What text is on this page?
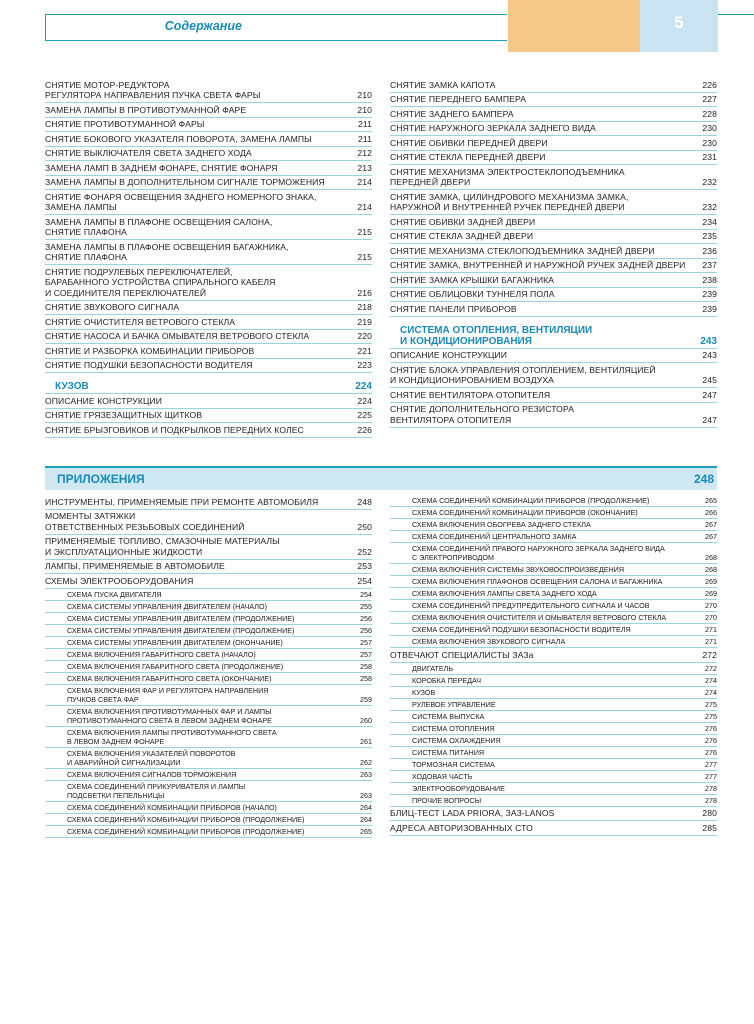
Содержание	5
СНЯТИЕ МОТОР-РЕДУКТОРА
РЕГУЛЯТОРА НАПРАВЛЕНИЯ ПУЧКА СВЕТА ФАРЫ	210
ЗАМЕНА ЛАМПЫ В ПРОТИВОТУМАННОЙ ФАРЕ	210
СНЯТИЕ ПРОТИВОТУМАННОЙ ФАРЫ	211
СНЯТИЕ БОКОВОГО УКАЗАТЕЛЯ ПОВОРОТА, ЗАМЕНА ЛАМПЫ	211
СНЯТИЕ ВЫКЛЮЧАТЕЛЯ СВЕТА ЗАДНЕГО ХОДА	212
ЗАМЕНА ЛАМП В ЗАДНЕМ ФОНАРЕ, СНЯТИЕ ФОНАРЯ	213
ЗАМЕНА ЛАМПЫ В ДОПОЛНИТЕЛЬНОМ СИГНАЛЕ ТОРМОЖЕНИЯ	214
СНЯТИЕ ФОНАРЯ ОСВЕЩЕНИЯ ЗАДНЕГО НОМЕРНОГО ЗНАКА,
ЗАМЕНА ЛАМПЫ	214
ЗАМЕНА ЛАМПЫ В ПЛАФОНЕ ОСВЕЩЕНИЯ САЛОНА,
СНЯТИЕ ПЛАФОНА	215
ЗАМЕНА ЛАМПЫ В ПЛАФОНЕ ОСВЕЩЕНИЯ БАГАЖНИКА,
СНЯТИЕ ПЛАФОНА	215
СНЯТИЕ ПОДРУЛЕВЫХ ПЕРЕКЛЮЧАТЕЛЕЙ,
БАРАБАННОГО УСТРОЙСТВА СПИРАЛЬНОГО КАБЕЛЯ
И СОЕДИНИТЕЛЯ ПЕРЕКЛЮЧАТЕЛЕЙ	216
СНЯТИЕ ЗВУКОВОГО СИГНАЛА	218
СНЯТИЕ ОЧИСТИТЕЛЯ ВЕТРОВОГО СТЕКЛА	219
СНЯТИЕ НАСОСА И БАЧКА ОМЫВАТЕЛЯ ВЕТРОВОГО СТЕКЛА	220
СНЯТИЕ И РАЗБОРКА КОМБИНАЦИИ ПРИБОРОВ	221
СНЯТИЕ ПОДУШКИ БЕЗОПАСНОСТИ ВОДИТЕЛЯ	223
КУЗОВ	224
ОПИСАНИЕ КОНСТРУКЦИИ	224
СНЯТИЕ ГРЯЗЕЗАЩИТНЫХ ЩИТКОВ	225
СНЯТИЕ БРЫЗГОВИКОВ И ПОДКРЫЛКОВ ПЕРЕДНИХ КОЛЕС	226
СНЯТИЕ ЗАМКА КАПОТА	226
СНЯТИЕ ПЕРЕДНЕГО БАМПЕРА	227
СНЯТИЕ ЗАДНЕГО БАМПЕРА	228
СНЯТИЕ НАРУЖНОГО ЗЕРКАЛА ЗАДНЕГО ВИДА	230
СНЯТИЕ ОБИВКИ ПЕРЕДНЕЙ ДВЕРИ	230
СНЯТИЕ СТЕКЛА ПЕРЕДНЕЙ ДВЕРИ	231
СНЯТИЕ МЕХАНИЗМА ЭЛЕКТРОСТЕКЛОПОДЪЕМНИКА
ПЕРЕДНЕЙ ДВЕРИ	232
СНЯТИЕ ЗАМКА, ЦИЛИНДРОВОГО МЕХАНИЗМА ЗАМКА,
НАРУЖНОЙ И ВНУТРЕННЕЙ РУЧЕК ПЕРЕДНЕЙ ДВЕРИ	232
СНЯТИЕ ОБИВКИ ЗАДНЕЙ ДВЕРИ	234
СНЯТИЕ СТЕКЛА ЗАДНЕЙ ДВЕРИ	235
СНЯТИЕ МЕХАНИЗМА СТЕКЛОПОДЪЕМНИКА ЗАДНЕЙ ДВЕРИ	236
СНЯТИЕ ЗАМКА, ВНУТРЕННЕЙ И НАРУЖНОЙ РУЧЕК ЗАДНЕЙ ДВЕРИ	237
СНЯТИЕ ЗАМКА КРЫШКИ БАГАЖНИКА	238
СНЯТИЕ ОБЛИЦОВКИ ТУННЕЛЯ ПОЛА	239
СНЯТИЕ ПАНЕЛИ ПРИБОРОВ	239
СИСТЕМА ОТОПЛЕНИЯ, ВЕНТИЛЯЦИИ
И КОНДИЦИОНИРОВАНИЯ	243
ОПИСАНИЕ КОНСТРУКЦИИ	243
СНЯТИЕ БЛОКА УПРАВЛЕНИЯ ОТОПЛЕНИЕМ, ВЕНТИЛЯЦИЕЙ
И КОНДИЦИОНИРОВАНИЕМ ВОЗДУХА	245
СНЯТИЕ ВЕНТИЛЯТОРА ОТОПИТЕЛЯ	247
СНЯТИЕ ДОПОЛНИТЕЛЬНОГО РЕЗИСТОРА
ВЕНТИЛЯТОРА ОТОПИТЕЛЯ	247
ПРИЛОЖЕНИЯ	248
ИНСТРУМЕНТЫ, ПРИМЕНЯЕМЫЕ ПРИ РЕМОНТЕ АВТОМОБИЛЯ	248
МОМЕНТЫ ЗАТЯЖКИ
ОТВЕТСТВЕННЫХ РЕЗЬБОВЫХ СОЕДИНЕНИЙ	250
ПРИМЕНЯЕМЫЕ ТОПЛИВО, СМАЗОЧНЫЕ МАТЕРИАЛЫ
И ЭКСПЛУАТАЦИОННЫЕ ЖИДКОСТИ	252
ЛАМПЫ, ПРИМЕНЯЕМЫЕ В АВТОМОБИЛЕ	253
СХЕМЫ ЭЛЕКТРООБОРУДОВАНИЯ	254
СХЕМА ПУСКА ДВИГАТЕЛЯ	254
СХЕМА СИСТЕМЫ УПРАВЛЕНИЯ ДВИГАТЕЛЕМ (НАЧАЛО)	255
СХЕМА СИСТЕМЫ УПРАВЛЕНИЯ ДВИГАТЕЛЕМ (ПРОДОЛЖЕНИЕ)	256
СХЕМА СИСТЕМЫ УПРАВЛЕНИЯ ДВИГАТЕЛЕМ (ПРОДОЛЖЕНИЕ)	256
СХЕМА СИСТЕМЫ УПРАВЛЕНИЯ ДВИГАТЕЛЕМ (ОКОНЧАНИЕ)	257
СХЕМА ВКЛЮЧЕНИЯ ГАБАРИТНОГО СВЕТА (НАЧАЛО)	257
СХЕМА ВКЛЮЧЕНИЯ ГАБАРИТНОГО СВЕТА (ПРОДОЛЖЕНИЕ)	258
СХЕМА ВКЛЮЧЕНИЯ ГАБАРИТНОГО СВЕТА (ОКОНЧАНИЕ)	258
СХЕМА ВКЛЮЧЕНИЯ ФАР И РЕГУЛЯТОРА НАПРАВЛЕНИЯ
ПУЧКОВ СВЕТА ФАР	259
СХЕМА ВКЛЮЧЕНИЯ ПРОТИВОТУМАННЫХ ФАР И ЛАМПЫ
ПРОТИВОТУМАННОГО СВЕТА В ЛЕВОМ ЗАДНЕМ ФОНАРЕ	260
СХЕМА ВКЛЮЧЕНИЯ ЛАМПЫ ПРОТИВОТУМАННОГО СВЕТА
В ЛЕВОМ ЗАДНЕМ ФОНАРЕ	261
СХЕМА ВКЛЮЧЕНИЯ УКАЗАТЕЛЕЙ ПОВОРОТОВ
И АВАРИЙНОЙ СИГНАЛИЗАЦИИ	262
СХЕМА ВКЛЮЧЕНИЯ СИГНАЛОВ ТОРМОЖЕНИЯ	263
СХЕМА СОЕДИНЕНИЙ ПРИКУРИВАТЕЛЯ И ЛАМПЫ
ПОДСВЕТКИ ПЕПЕЛЬНИЦЫ	263
СХЕМА СОЕДИНЕНИЙ КОМБИНАЦИИ ПРИБОРОВ (НАЧАЛО)	264
СХЕМА СОЕДИНЕНИЙ КОМБИНАЦИИ ПРИБОРОВ (ПРОДОЛЖЕНИЕ)	264
СХЕМА СОЕДИНЕНИЙ КОМБИНАЦИИ ПРИБОРОВ (ПРОДОЛЖЕНИЕ)	265
СХЕМА СОЕДИНЕНИЙ КОМБИНАЦИИ ПРИБОРОВ (ПРОДОЛЖЕНИЕ)	265
СХЕМА СОЕДИНЕНИЙ КОМБИНАЦИИ ПРИБОРОВ (ОКОНЧАНИЕ)	266
СХЕМА ВКЛЮЧЕНИЯ ОБОГРЕВА ЗАДНЕГО СТЕКЛА	267
СХЕМА СОЕДИНЕНИЙ ЦЕНТРАЛЬНОГО ЗАМКА	267
СХЕМА СОЕДИНЕНИЙ ПРАВОГО НАРУЖНОГО ЗЕРКАЛА ЗАДНЕГО ВИДА
С ЭЛЕКТРОПРИВОДОМ	268
СХЕМА ВКЛЮЧЕНИЯ СИСТЕМЫ ЗВУКОВОСПРОИЗВЕДЕНИЯ	268
СХЕМА ВКЛЮЧЕНИЯ ПЛАФОНОВ ОСВЕЩЕНИЯ САЛОНА И БАГАЖНИКА	269
СХЕМА ВКЛЮЧЕНИЯ ЛАМПЫ СВЕТА ЗАДНЕГО ХОДА	269
СХЕМА СОЕДИНЕНИЙ ПРЕДУПРЕДИТЕЛЬНОГО СИГНАЛА И ЧАСОВ	270
СХЕМА ВКЛЮЧЕНИЯ ОЧИСТИТЕЛЯ И ОМЫВАТЕЛЯ ВЕТРОВОГО СТЕКЛА	270
СХЕМА СОЕДИНЕНИЙ ПОДУШКИ БЕЗОПАСНОСТИ ВОДИТЕЛЯ	271
СХЕМА ВКЛЮЧЕНИЯ ЗВУКОВОГО СИГНАЛА	271
ОТВЕЧАЮТ СПЕЦИАЛИСТЫ ЗАЗа	272
ДВИГАТЕЛЬ	272
КОРОБКА ПЕРЕДАЧ	274
КУЗОВ	274
РУЛЕВОЕ УПРАВЛЕНИЕ	275
СИСТЕМА ВЫПУСКА	275
СИСТЕМА ОТОПЛЕНИЯ	276
СИСТЕМА ОХЛАЖДЕНИЯ	276
СИСТЕМА ПИТАНИЯ	276
ТОРМОЗНАЯ СИСТЕМА	277
ХОДОВАЯ ЧАСТЬ	277
ЭЛЕКТРООБОРУДОВАНИЕ	278
ПРОЧИЕ ВОПРОСЫ	278
БЛИЦ-ТЕСТ LADA PRIORA, ЗАЗ-LANOS	280
АДРЕСА АВТОРИЗОВАННЫХ СТО	285
